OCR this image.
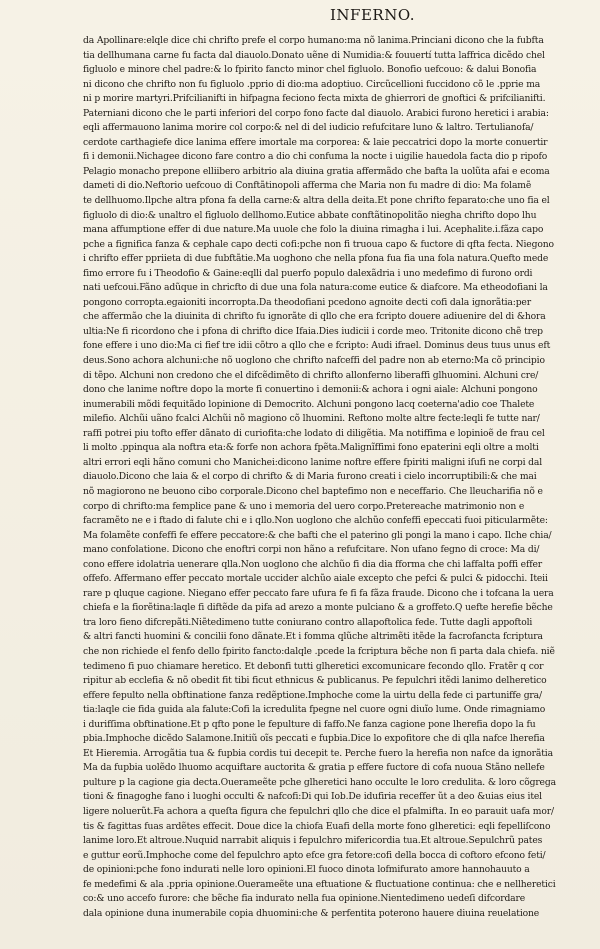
INFERNO.
da Apollinare:elqle dice chi chrifto prefe el corpo humano:ma nõ lanima.Princiani dicono che la fubfta
tia dellhumana carne fu facta dal diauolo.Donato uẽne di Numidia:& fouuertí tutta laffrica dicẽdo chel
figluolo e minore chel padre:& lo fpirito fancto minor chel figluolo. Bonofio uefcouo: & dalui Bonofia
ni dicono che chrifto non fu figluolo .pprio di dio:ma adoptiuo. Circũcellioni fuccidono cõ le .pprie ma
ni p morire martyri.Prifcilianifti in hifpagna feciono fecta mixta de ghierrori de gnoftici & prifcilianifti.
Paterniani dicono che le parti inferiori del corpo fono facte dal diauolo. Arabici furono heretici i arabia:
eqli affermauono lanima morire col corpo:& nel di del iudicio refufcitare luno & laltro. Tertulianofa/
cerdote carthagiefe dice lanima effere imortale ma corporea: & laie peccatrici dopo la morte conuertir
fi i demonii.Nichagee dicono fare contro a dio chi confuma la nocte i uigilie hauedola facta dio p ripofo
Pelagio monacho prepone elliibero arbitrio ala diuina gratia affermãdo che bafta la uolũta afai e ecoma
dameti di dio.Neftorio uefcouo di Conftãtinopoli afferma che Maria non fu madre di dio: Ma folamẽ
te dellhuomo.Ilpche altra pfona fa della carne:& altra della deita.Et pone chrifto feparato:che uno fia el
figluolo di dio:& unaltro el figluolo dellhomo.Eutice abbate conftãtinopolitão niegha chrifto dopo lhu
mana affumptione effer di due nature.Ma uuole che folo la diuina rimagha i lui. Acephalite.i.fãza capo
pche a fignifica fanza & cephale capo decti cofi:pche non fi truoua capo & fuctore di qfta fecta. Niegono
i chrifto effer ppriieta di due fubftãtie.Ma uoghono che nella pfona fua fia una fola natura.Quefto mede
fimo errore fu i Theodofio & Gaine:eqlli dal puerfo populo dalexãdria i uno medefimo di furono ordi
nati uefcoui.Fãno adũque in chricfto di due una fola natura:come eutice & diafcore. Ma etheodofiani la
pongono corropta.egaioniti incorropta.Da theodofiani pcedono agnoite decti cofi dala ignorãtia:per
che affermão che la diuinita di chrifto fu ignorãte di qllo che era fcripto douere adiuenire del di &hora
ultia:Ne fi ricordono che i pfona di chrifto dice Ifaia.Dies iudicii i corde meo. Tritonite dicono chẽ trep
fone effere i uno dio:Ma ci fief tre idii cõtro a qllo che e fcripto: Audi ifrael. Dominus deus tuus unus eft
deus.Sono achora alchuni:che nõ uoglono che chrifto nafceffi del padre non ab eterno:Ma cõ principio
di tẽpo. Alchuni non credono che el difcẽdimẽto di chrifto allonferno liberaffi glhuomini. Alchuni cre/
dono che lanime noftre dopo la morte fi conuertino i demonii:& achora i ogni aiale: Alchuni pongono
inumerabili mõdi fequitãdo lopinione di Democrito. Alchuni pongono lacq coeterna'adio coe Thalete
milefio. Alchũi uãno fcalci Alchũi nõ magiono cõ lhuomini. Reftono molte altre fecte:leqli fe tutte nar/
raffi potrei piu tofto effer dãnato di curiofita:che lodato di diligẽtia. Ma notiffima e lopinioẽ de frau cel
li molto .ppinqua ala noftra eta:& forfe non achora fpẽta.Malignĩffimi fono epaterini eqli oltre a molti
altri errori eqli hãno comuni cho Manichei:dicono lanime noftre effere fpiriti maligni iſufi ne corpi dal
diauolo.Dicono che laia & el corpo di chrifto & di Maria furono creati i cielo incorruptibili:& che mai
nõ magiorono ne beuono cibo corporale.Dicono chel baptefimo non e neceffario. Che lleucharifia nõ e
corpo di chrifto:ma femplice pane & uno i memoria del uero corpo.Pretereache matrimonio non e
facramẽto ne e i ftado di falute chi e i qllo.Non uoglono che alchũo confeffi epeccati fuoi piticularmẽte:
Ma folamẽte confeffi fe effere peccatore:& che bafti che el paterino gli pongi la mano i capo. Ilche chia/
mano confolatione. Dicono che enoftri corpi non hãno a refufcitare. Non ufano fegno di croce: Ma di/
cono effere idolatria uenerare qlla.Non uoglono che alchũo fi dia dia fforma che chi laffalta poffi effer
offefo. Affermano effer peccato mortale uccider alchũo aiale excepto che pefci & pulci & pidocchi. Iteii
rare p qluque cagione. Niegano effer peccato fare ufura fe fi fa fãza fraude. Dicono che i tofcana la uera
chiefa e la fiorẽtina:laqle fi diftẽde da pifa ad arezo a monte pulciano & a groffeto.Q uefte herefie bẽche
tra loro fieno difcrepãti.Niẽtedimeno tutte coniurano contro allapoftolica fede. Tutte dagli appoftoli
& altri fancti huomini & concilii fono dãnate.Et i fomma qlũche altrimẽti itẽde la facrofancta fcriptura
che non richiede el fenfo dello fpirito fancto:dalqle .pcede la fcriptura bẽche non fi parta dala chiefa. niẽ
tedimeno fi puo chiamare heretico. Et debonfi tutti glheretici excomunicare fecondo qllo. Fratẽr q cor
ripitur ab ecclefia & nõ obedit fit tibi ficut ethnicus & publicanus. Pe fepulchri itẽdi lanimo delheretico
effere fepulto nella obftinatione fanza redẽptione.Imphoche come la uirtu della fede ci partuniffe gra/
tia:laqle cie fida guida ala falute:Cofi la icredulita fpegne nel cuore ogni diuĩo lume. Onde rimagniamo
i durifſima obftinatione.Et p qfto pone le fepulture di faffo.Ne fanza cagione pone lherefia dopo la fu
pbia.Imphoche dicẽdo Salamone.Initiũ oĩs peccati e fupbia.Dice lo expofitore che di qlla nafce lherefia
Et Hieremia. Arrogãtia tua & fupbia cordis tui decepit te. Perche fuero la herefia non nafce da ignorãtia
Ma da fupbia uolẽdo lhuomo acquiftare auctorita & gratia p effere fuctore di cofa nuoua Stãno nellefe
pulture p la cagione gia decta.Ouerameẽte pche glheretici hano occulte le loro credulita. & loro cõgrega
tioni & finagoghe fano i luoghi occulti & nafcofi:Di qui Iob.De idufiria receffer ũt a deo &uias eius itel
ligere noluerũt.Fa achora a queſta figura che fepulchri qllo che dice el pfalmifta. In eo parauit uafa mor/
tis & fagittas fuas ardẽtes effecit. Doue dice la chiofa Euafi della morte fono glheretici: eqli fepelliſcono
lanime loro.Et altroue.Nuquid narrabit aliquis i fepulchro mifericordia tua.Et altroue.Sepulchrũ pates
e guttur eorũ.Imphoche come del fepulchro apto efce gra fetore:cofi della bocca di coftoro efcono feti/
de opinioni:pche fono indurati nelle loro opinioni.El fuoco dinota lofmifurato amore hannohauuto a
fe medefimi & ala .ppria opinione.Ouerameẽte una eftuatione & fluctuatione continua: che e nellheretici
co:& uno accefo furore: che bẽche fia indurato nella fua opinione.Nientedimeno uedeſi difcordare
dala opinione duna inumerabile copia dhuomini:che & perfentita poterono hauere diuina reuelatione
